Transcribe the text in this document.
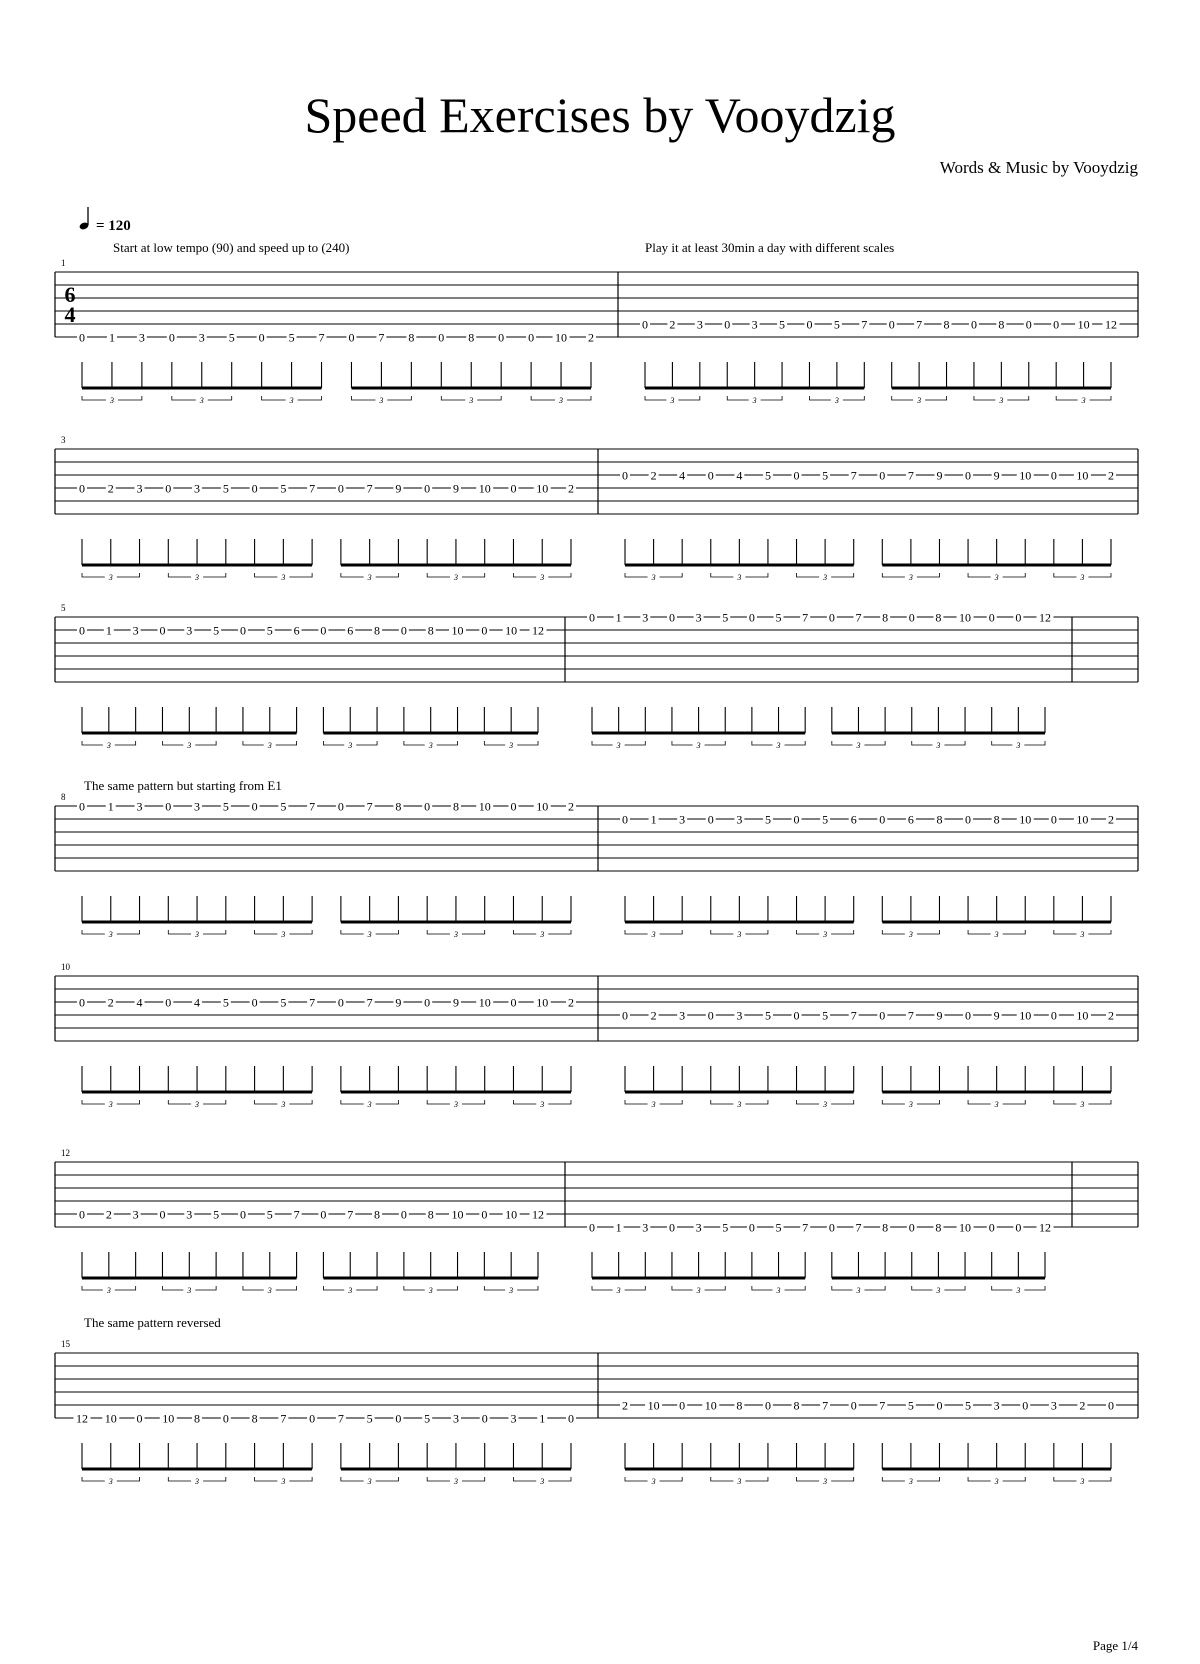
Speed Exercises by Vooydzig
Words & Music by Vooydzig
= 120
Start at low tempo (90) and speed up to (240)	Play it at least 30min a day with different scales
The same pattern but starting from E1
The same pattern reversed
6
4
1
0 1 3 0 3 5 0 5 7 0 7 8 0 8 0 0 10 2
3	3	3	3	3	3
0 2 3 0 3 5 0 5 7 0 7 8 0 8 0 0 10 12
3	3	3	3	3	3
3
0 2 3 0 3 5 0 5 7 0 7 9 0 9 10 0 10 2
3	3	3	3	3	3
0 2 4 0 4 5 0 5 7 0 7 9 0 9 10 0 10 2
3	3	3	3	3	3
5
0 1 3 0 3 5 0 5 6 0 6 8 0 8 10 0 10 12
3	3	3	3	3	3
0 1 3 0 3 5 0 5 7 0 7 8 0 8 10 0 0 12
3	3	3	3	3	3
8
0 1 3 0 3 5 0 5 7 0 7 8 0 8 10 0 10 2
3	3	3	3	3	3
0 1 3 0 3 5 0 5 6 0 6 8 0 8 10 0 10 2
3	3	3	3	3	3
10
0 2 4 0 4 5 0 5 7 0 7 9 0 9 10 0 10 2
3	3	3	3	3	3
0 2 3 0 3 5 0 5 7 0 7 9 0 9 10 0 10 2
3	3	3	3	3	3
12
0 2 3 0 3 5 0 5 7 0 7 8 0 8 10 0 10 12
3	3	3	3	3	3
0 1 3 0 3 5 0 5 7 0 7 8 0 8 10 0 0 12
3	3	3	3	3	3
15
12 10 0 10 8 0 8 7 0 7 5 0 5 3 0 3 1 0
3	3	3	3	3	3
2 10 0 10 8 0 8 7 0 7 5 0 5 3 0 3 2 0
3	3	3	3	3	3
Page 1/4
